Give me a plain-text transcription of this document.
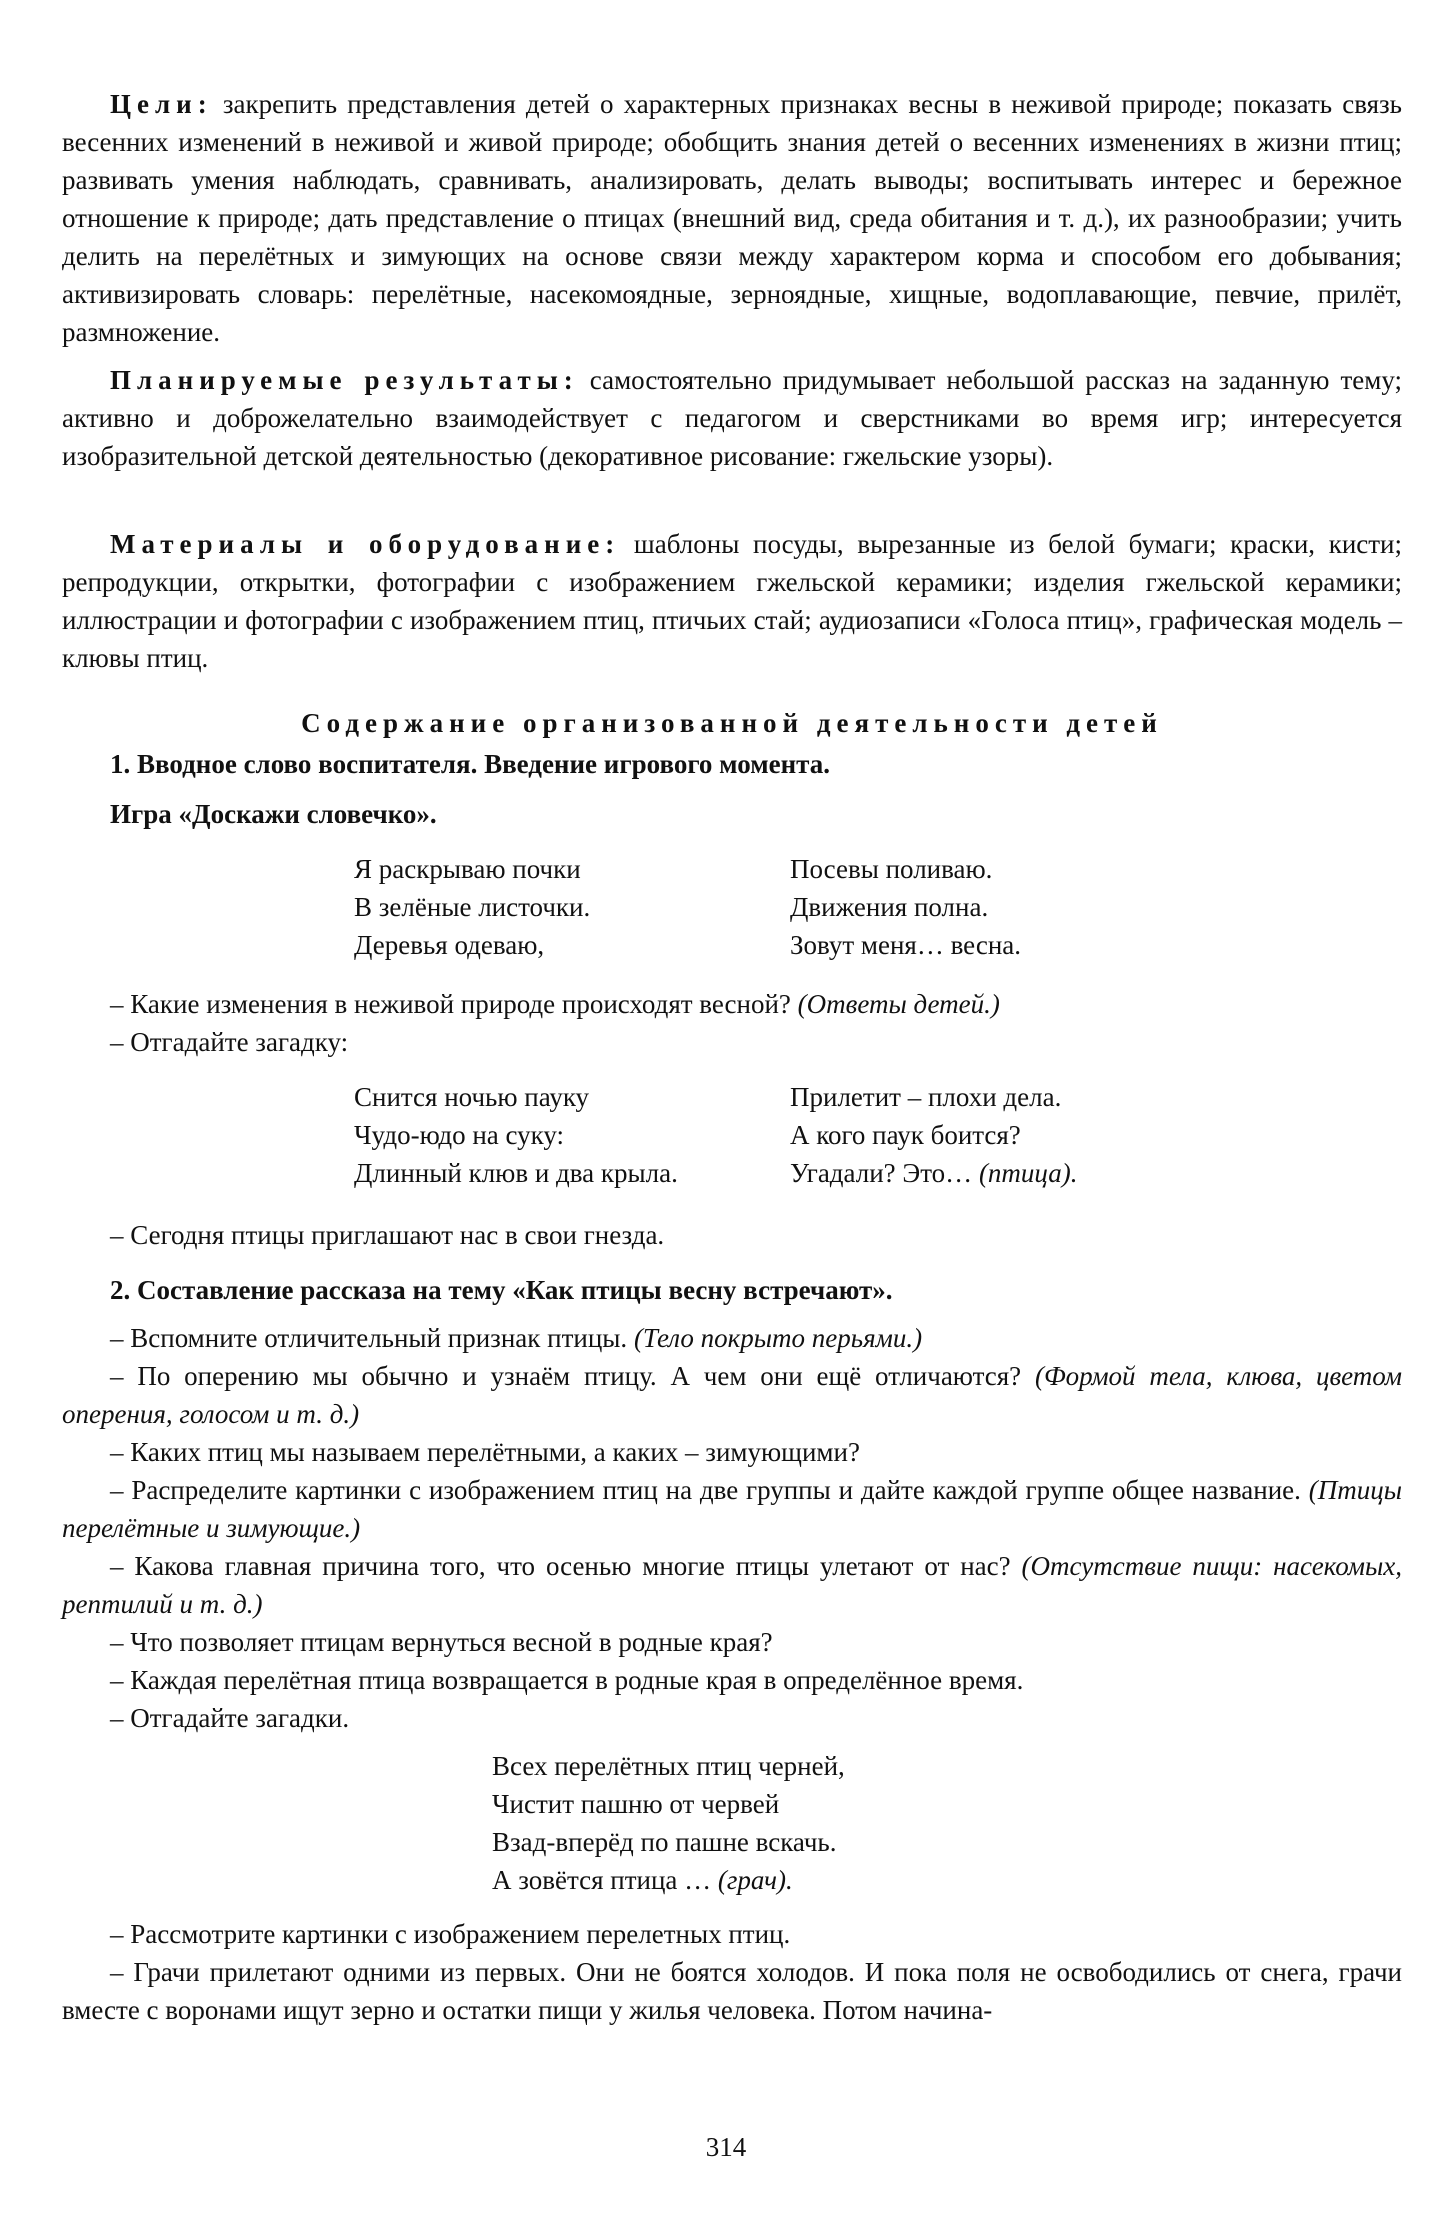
Цели: закрепить представления детей о характерных признаках весны в неживой природе; показать связь весенних изменений в неживой и живой природе; обобщить знания детей о весенних изменениях в жизни птиц; развивать умения наблюдать, сравнивать, анализировать, делать выводы; воспитывать интерес и бережное отношение к природе; дать представление о птицах (внешний вид, среда обитания и т. д.), их разнообразии; учить делить на перелётных и зимующих на основе связи между характером корма и способом его добывания; активизировать словарь: перелётные, насекомоядные, зерноядные, хищные, водоплавающие, певчие, прилёт, размножение.

Планируемые результаты: самостоятельно придумывает небольшой рассказ на заданную тему; активно и доброжелательно взаимодействует с педагогом и сверстниками во время игр; интересуется изобразительной детской деятельностью (декоративное рисование: гжельские узоры).

Материалы и оборудование: шаблоны посуды, вырезанные из белой бумаги; краски, кисти; репродукции, открытки, фотографии с изображением гжельской керамики; изделия гжельской керамики; иллюстрации и фотографии с изображением птиц, птичьих стай; аудиозаписи «Голоса птиц», графическая модель – клювы птиц.

Содержание организованной деятельности детей

1. Вводное слово воспитателя. Введение игрового момента.

Игра «Доскажи словечко».

Я раскрываю почки
В зелёные листочки.
Деревья одеваю,
Посевы поливаю.
Движения полна.
Зовут меня… весна.

– Какие изменения в неживой природе происходят весной? (Ответы детей.)

– Отгадайте загадку:

Снится ночью пауку
Чудо-юдо на суку:
Длинный клюв и два крыла.
Прилетит – плохи дела.
А кого паук боится?
Угадали? Это… (птица).

– Сегодня птицы приглашают нас в свои гнезда.

2. Составление рассказа на тему «Как птицы весну встречают».

– Вспомните отличительный признак птицы. (Тело покрыто перьями.)

– По оперению мы обычно и узнаём птицу. А чем они ещё отличаются? (Формой тела, клюва, цветом оперения, голосом и т. д.)

– Каких птиц мы называем перелётными, а каких – зимующими?

– Распределите картинки с изображением птиц на две группы и дайте каждой группе общее название. (Птицы перелётные и зимующие.)

– Какова главная причина того, что осенью многие птицы улетают от нас? (Отсутствие пищи: насекомых, рептилий и т. д.)

– Что позволяет птицам вернуться весной в родные края?

– Каждая перелётная птица возвращается в родные края в определённое время.

– Отгадайте загадки.

Всех перелётных птиц черней,
Чистит пашню от червей
Взад-вперёд по пашне вскачь.
А зовётся птица … (грач).

– Рассмотрите картинки с изображением перелетных птиц.

– Грачи прилетают одними из первых. Они не боятся холодов. И пока поля не освободились от снега, грачи вместе с воронами ищут зерно и остатки пищи у жилья человека. Потом начина-

314
